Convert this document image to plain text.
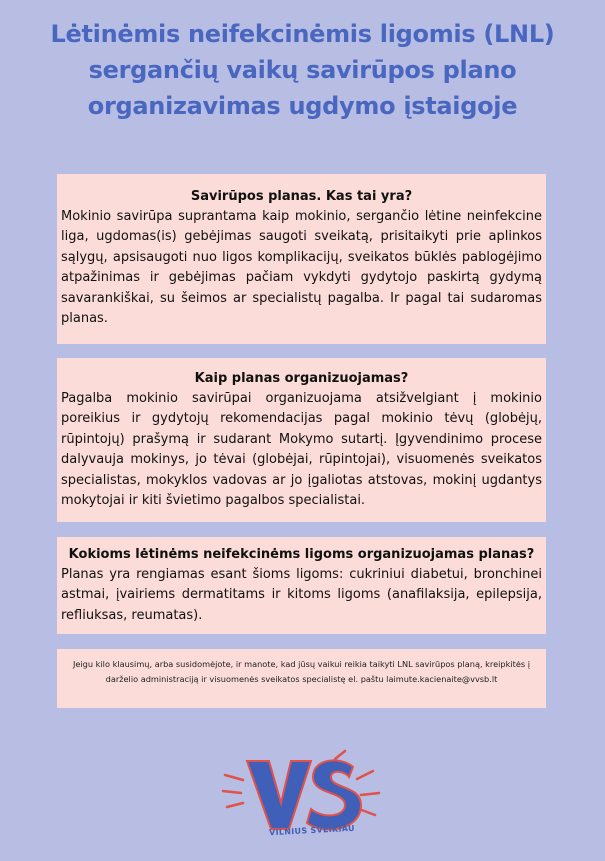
Lėtinėmis neifekcinėmis ligomis (LNL) sergančių vaikų savirūpos plano organizavimas ugdymo įstaigoje
Savirūpos planas. Kas tai yra?

Mokinio savirūpa suprantama kaip mokinio, sergančio lėtine neinfekcine liga, ugdomas(is) gebėjimas saugoti sveikatą, prisitaikyti prie aplinkos sąlygų, apsisaugoti nuo ligos komplikacijų, sveikatos būklės pablogėjimo atpažinimas ir gebėjimas pačiam vykdyti gydytojo paskirtą gydymą savarankiškai, su šeimos ar specialistų pagalba. Ir pagal tai sudaromas planas.

Kaip planas organizuojamas?

Pagalba mokinio savirūpai organizuojama atsižvelgiant į mokinio poreikius ir gydytojų rekomendacijas pagal mokinio tėvų (globėjų, rūpintojų) prašymą ir sudarant Mokymo sutartį. Įgyvendinimo procese dalyvauja mokinys, jo tėvai (globėjai, rūpintojai), visuomenės sveikatos specialistas, mokyklos vadovas ar jo įgaliotas atstovas, mokinį ugdantys mokytojai ir kiti švietimo pagalbos specialistai.

Kokioms lėtinėms neifekcinėms ligoms organizuojamas planas?

Planas yra rengiamas esant šioms ligoms: cukriniui diabetui, bronchinei astmai, įvairiems dermatitams ir kitoms ligoms (anafilaksija, epilepsija, refliuksas, reumatas).

Jeigu kilo klausimų, arba susidomėjote, ir manote, kad jūsų vaikui reikia taikyti LNL savirūpos planą, kreipkitės į darželio administraciją ir visuomenės sveikatos specialistę el. paštu laimute.kacienaite@vvsb.lt
VILNIUS SVEIKIAU
